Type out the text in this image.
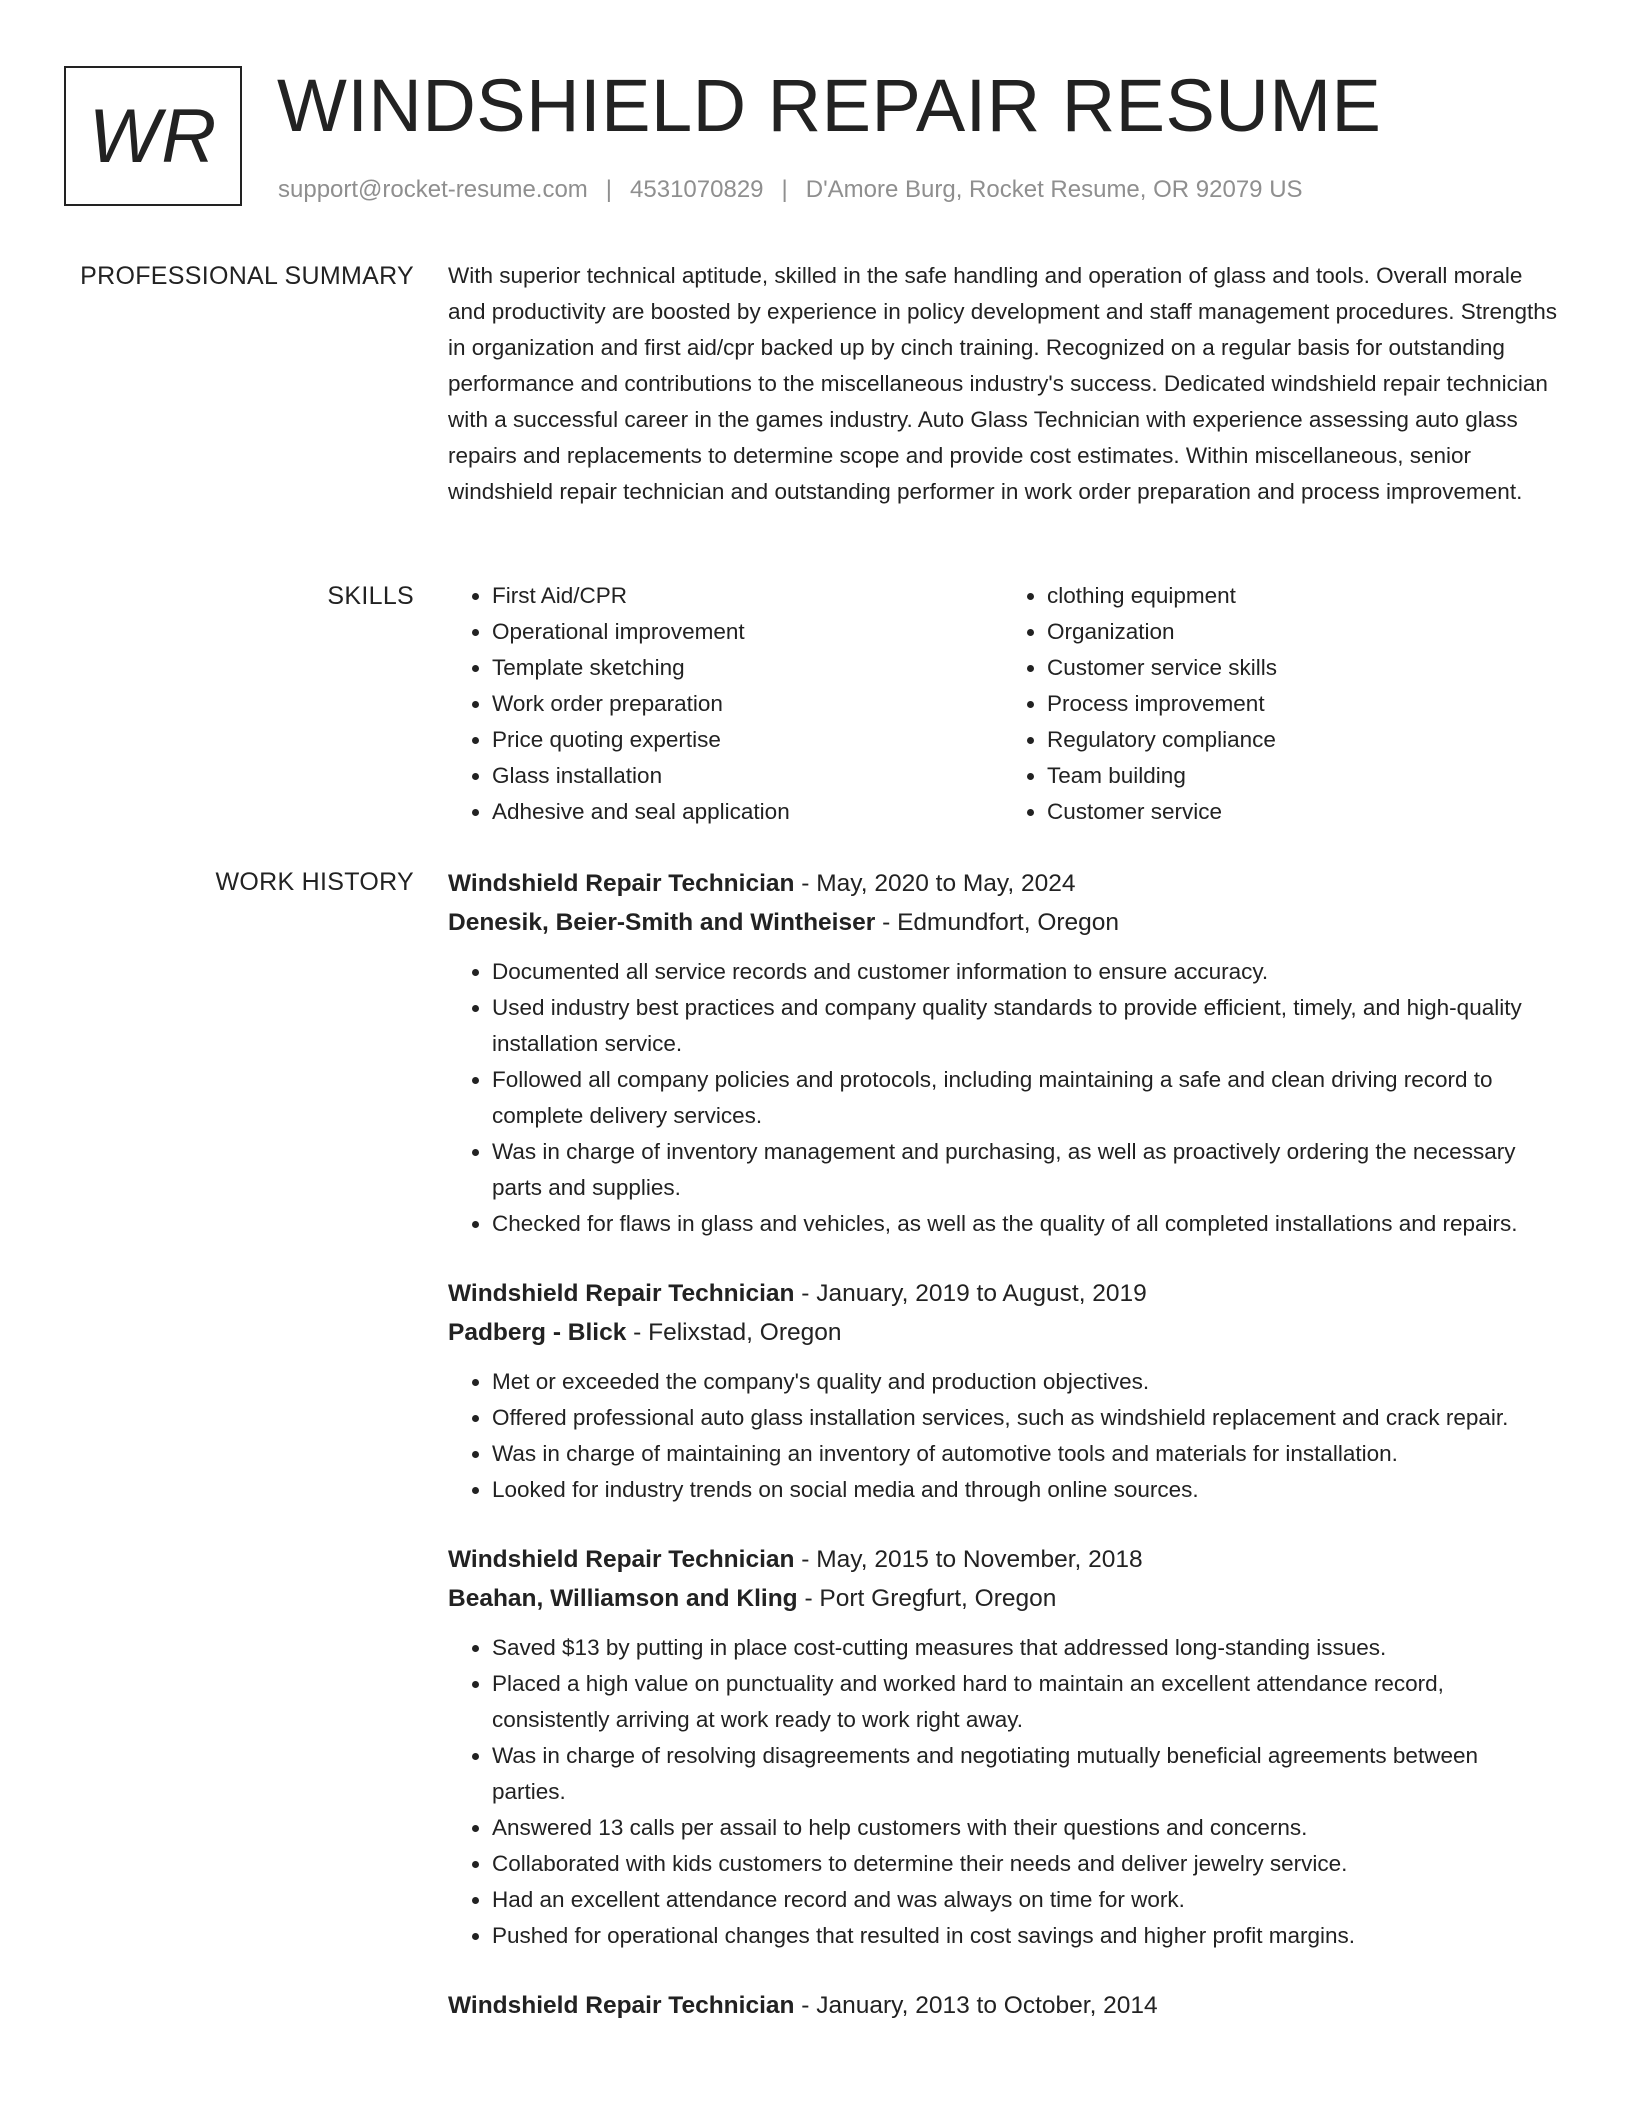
WR WINDSHIELD REPAIR RESUME
support@rocket-resume.com | 4531070829 | D'Amore Burg, Rocket Resume, OR 92079 US
PROFESSIONAL SUMMARY With superior technical aptitude, skilled in the safe handling and operation of glass and tools. Overall morale and productivity are boosted by experience in policy development and staff management procedures. Strengths in organization and first aid/cpr backed up by cinch training. Recognized on a regular basis for outstanding performance and contributions to the miscellaneous industry's success. Dedicated windshield repair technician with a successful career in the games industry. Auto Glass Technician with experience assessing auto glass repairs and replacements to determine scope and provide cost estimates. Within miscellaneous, senior windshield repair technician and outstanding performer in work order preparation and process improvement.

SKILLS
•	First Aid/CPR
• Operational improvement
• Template sketching
• Work order preparation
• Price quoting expertise
• Glass installation
• Adhesive and seal application
• clothing equipment
• Organization
• Customer service skills
• Process improvement
• Regulatory compliance
• Team building
• Customer service
WORK HISTORY Windshield Repair Technician - May, 2020 to May, 2024
Denesik, Beier-Smith and Wintheiser - Edmundfort, Oregon
• Documented all service records and customer information to ensure accuracy.
• Used industry best practices and company quality standards to provide efficient, timely, and high-quality installation service.
• Followed all company policies and protocols, including maintaining a safe and clean driving record to complete delivery services.
• Was in charge of inventory management and purchasing, as well as proactively ordering the necessary parts and supplies.
• Checked for flaws in glass and vehicles, as well as the quality of all completed installations and repairs.
Windshield Repair Technician - January, 2019 to August, 2019
Padberg - Blick - Felixstad, Oregon
• Met or exceeded the company's quality and production objectives.
• Offered professional auto glass installation services, such as windshield replacement and crack repair.
• Was in charge of maintaining an inventory of automotive tools and materials for installation.
• Looked for industry trends on social media and through online sources.
Windshield Repair Technician - May, 2015 to November, 2018
Beahan, Williamson and Kling - Port Gregfurt, Oregon
• Saved $13 by putting in place cost-cutting measures that addressed long-standing issues.
• Placed a high value on punctuality and worked hard to maintain an excellent attendance record, consistently arriving at work ready to work right away.
• Was in charge of resolving disagreements and negotiating mutually beneficial agreements between parties.
• Answered 13 calls per assail to help customers with their questions and concerns.
• Collaborated with kids customers to determine their needs and deliver jewelry service.
• Had an excellent attendance record and was always on time for work.
• Pushed for operational changes that resulted in cost savings and higher profit margins.
Windshield Repair Technician - January, 2013 to October, 2014
